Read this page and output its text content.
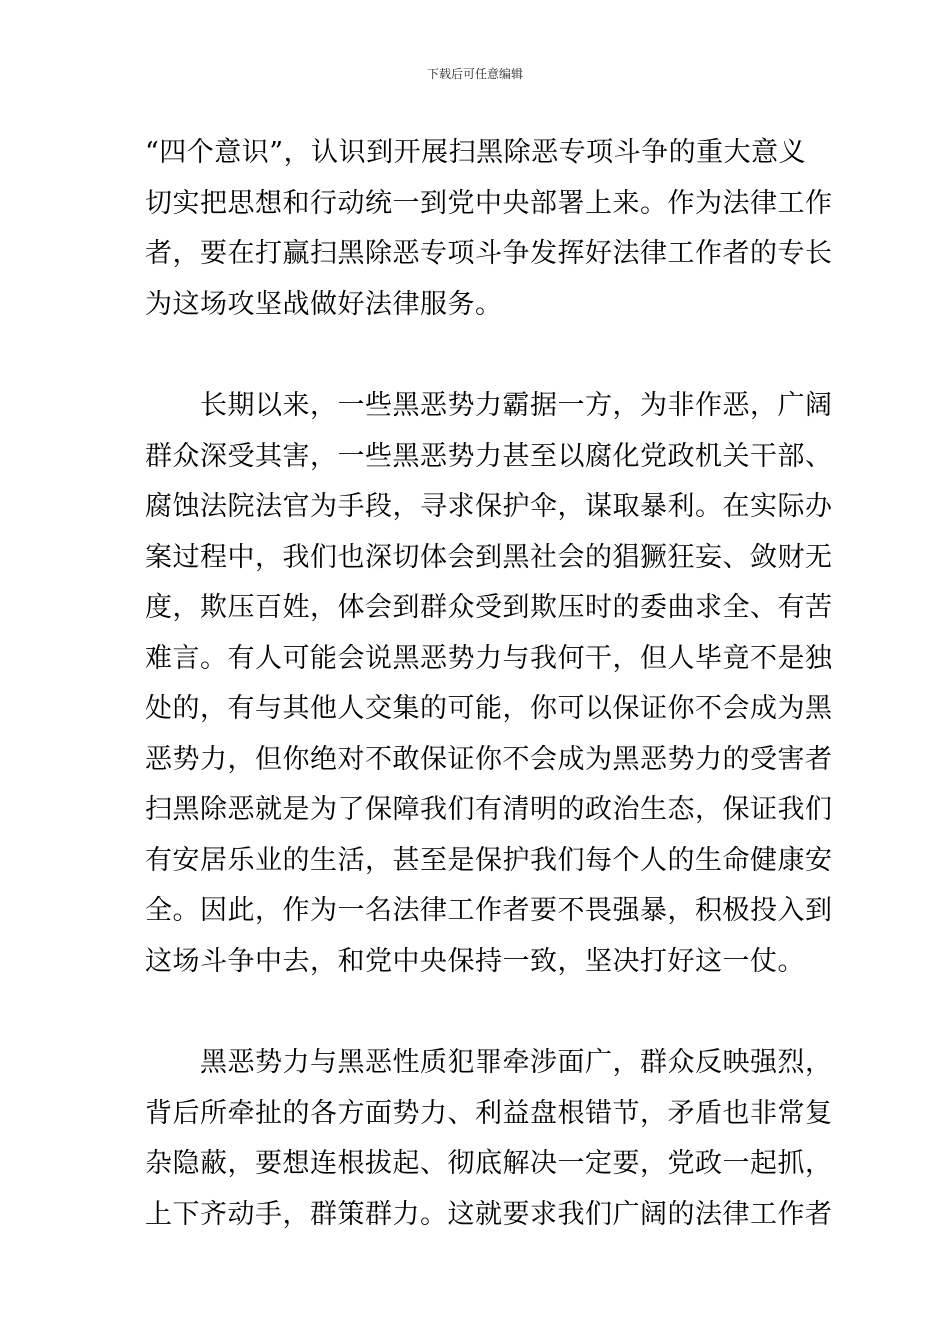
下载后可任意编辑
“四个意识”，认识到开展扫黑除恶专项斗争的重大意义
切实把思想和行动统一到党中央部署上来。作为法律工作
者，要在打赢扫黑除恶专项斗争发挥好法律工作者的专长
为这场攻坚战做好法律服务。
　　长期以来，一些黑恶势力霸据一方，为非作恶，广阔
群众深受其害，一些黑恶势力甚至以腐化党政机关干部、
腐蚀法院法官为手段，寻求保护伞，谋取暴利。在实际办
案过程中，我们也深切体会到黑社会的猖獗狂妄、敛财无
度，欺压百姓，体会到群众受到欺压时的委曲求全、有苦
难言。有人可能会说黑恶势力与我何干，但人毕竟不是独
处的，有与其他人交集的可能，你可以保证你不会成为黑
恶势力，但你绝对不敢保证你不会成为黑恶势力的受害者
扫黑除恶就是为了保障我们有清明的政治生态，保证我们
有安居乐业的生活，甚至是保护我们每个人的生命健康安
全。因此，作为一名法律工作者要不畏强暴，积极投入到
这场斗争中去，和党中央保持一致，坚决打好这一仗。
　　黑恶势力与黑恶性质犯罪牵涉面广，群众反映强烈，
背后所牵扯的各方面势力、利益盘根错节，矛盾也非常复
杂隐蔽，要想连根拔起、彻底解决一定要，党政一起抓，
上下齐动手，群策群力。这就要求我们广阔的法律工作者
